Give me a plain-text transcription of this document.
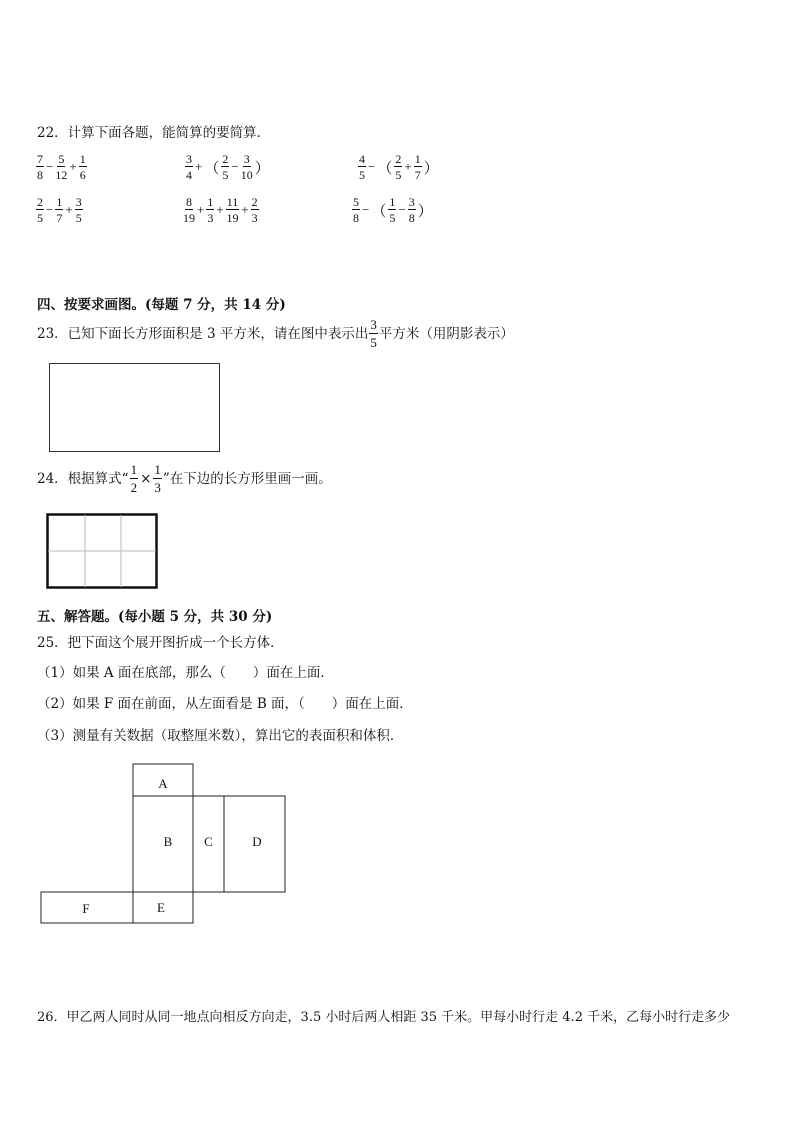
22．计算下面各题，能简算的要简算．
$\frac{7}{8} - \frac{5}{12} + \frac{1}{6}$	$\frac{3}{4}$ + （ $\frac{2}{5} - \frac{3}{10}$ ）	$\frac{4}{5}$ − （ $\frac{2}{5} + \frac{1}{7}$ ）
$\frac{2}{5} - \frac{1}{7} + \frac{3}{5}$	$\frac{8}{19} + \frac{1}{3} + \frac{11}{19} + \frac{2}{3}$	$\frac{5}{8}$ − （ $\frac{1}{5} - \frac{3}{8}$ ）
四、按要求画图。(每题 7 分，共 14 分)
23．已知下面长方形面积是 3 平方米，请在图中表示出 $\frac{3}{5}$ 平方米（用阴影表示）
24．根据算式“ $\frac{1}{2} \times \frac{1}{3}$ ”在下边的长方形里画一画。
五、解答题。(每小题 5 分，共 30 分)
25．把下面这个展开图折成一个长方体．
（1）如果 A 面在底部，那么（　　）面在上面．
（2）如果 F 面在前面，从左面看是 B 面，（　　）面在上面．
（3）测量有关数据（取整厘米数），算出它的表面积和体积．
A
B C	D
F	E
26．甲乙两人同时从同一地点向相反方向走，3.5 小时后两人相距 35 千米。甲每小时行走 4.2 千米，乙每小时行走多少
